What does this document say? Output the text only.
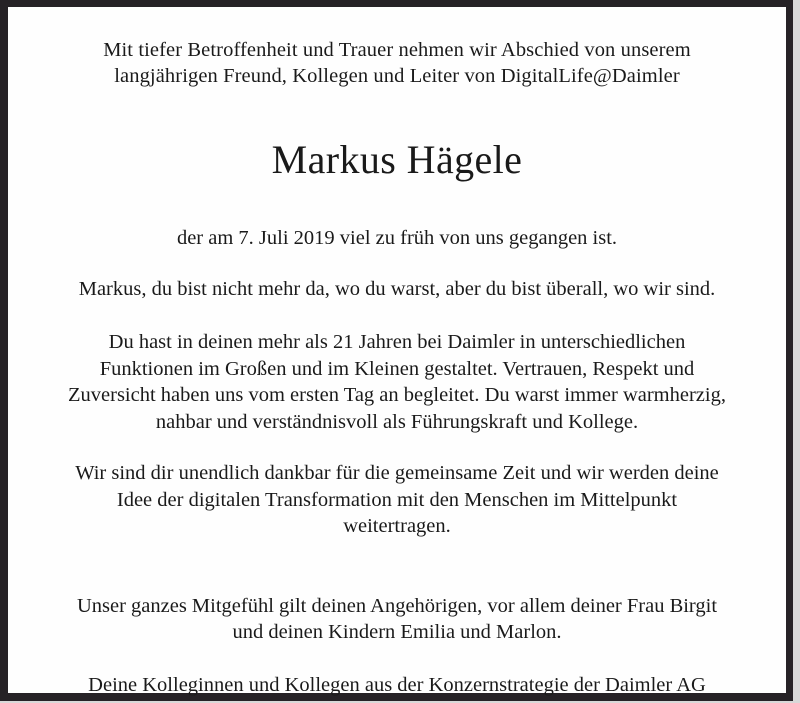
Mit tiefer Betroffenheit und Trauer nehmen wir Abschied von unserem
langjährigen Freund, Kollegen und Leiter von DigitalLife@Daimler
Markus Hägele
der am 7. Juli 2019 viel zu früh von uns gegangen ist.
Markus, du bist nicht mehr da, wo du warst, aber du bist überall, wo wir sind.
Du hast in deinen mehr als 21 Jahren bei Daimler in unterschiedlichen
Funktionen im Großen und im Kleinen gestaltet. Vertrauen, Respekt und
Zuversicht haben uns vom ersten Tag an begleitet. Du warst immer warmherzig,
nahbar und verständnisvoll als Führungskraft und Kollege.
Wir sind dir unendlich dankbar für die gemeinsame Zeit und wir werden deine
Idee der digitalen Transformation mit den Menschen im Mittelpunkt
weitertragen.
Unser ganzes Mitgefühl gilt deinen Angehörigen, vor allem deiner Frau Birgit
und deinen Kindern Emilia und Marlon.
Deine Kolleginnen und Kollegen aus der Konzernstrategie der Daimler AG
